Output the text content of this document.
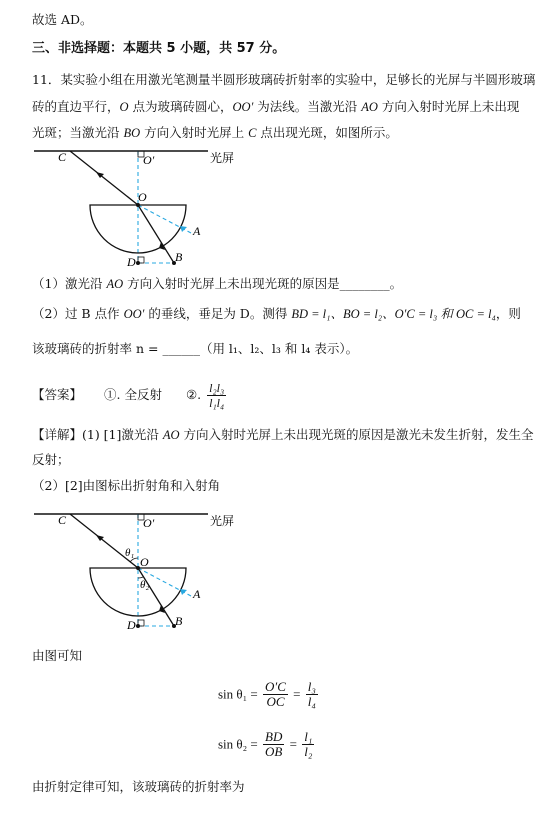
故选 AD。
三、非选择题：本题共 5 小题，共 57 分。
11．某实验小组在用激光笔测量半圆形玻璃砖折射率的实验中，足够长的光屏与半圆形玻璃
砖的直边平行，O 点为玻璃砖圆心，OO′ 为法线。当激光沿 AO 方向入射时光屏上未出现
光斑；当激光沿 BO 方向入射时光屏上 C 点出现光斑，如图所示。
C	O′	光屏
O
A
B
D
（1）激光沿 AO 方向入射时光屏上未出现光斑的原因是________。
（2）过 B 点作 OO′ 的垂线，垂足为 D。测得 BD = l₁、BO = l₂、O′C = l₃ 和 OC = l₄，则
该玻璃砖的折射率 n = ______（用 l₁、l₂、l₃ 和 l₄ 表示）。
【答案】 ①. 全反射 ②. $\frac{\text{l₂l₃}}{\text{l₁l₄}}$
【详解】(1) [1]激光沿 AO 方向入射时光屏上未出现光斑的原因是激光未发生折射，发生全
反射；
（2）[2]由图标出折射角和入射角
C	O′	光屏
θ₁
O
θ₂
A
B
D
由图可知
$\sin \theta_1 = \frac{O'C}{OC} = \frac{\text{l₃}}{\text{l₄}}$
$\sin \theta_2 = \frac{BD}{OB} = \frac{\text{l₁}}{\text{l₂}}$
由折射定律可知，该玻璃砖的折射率为
